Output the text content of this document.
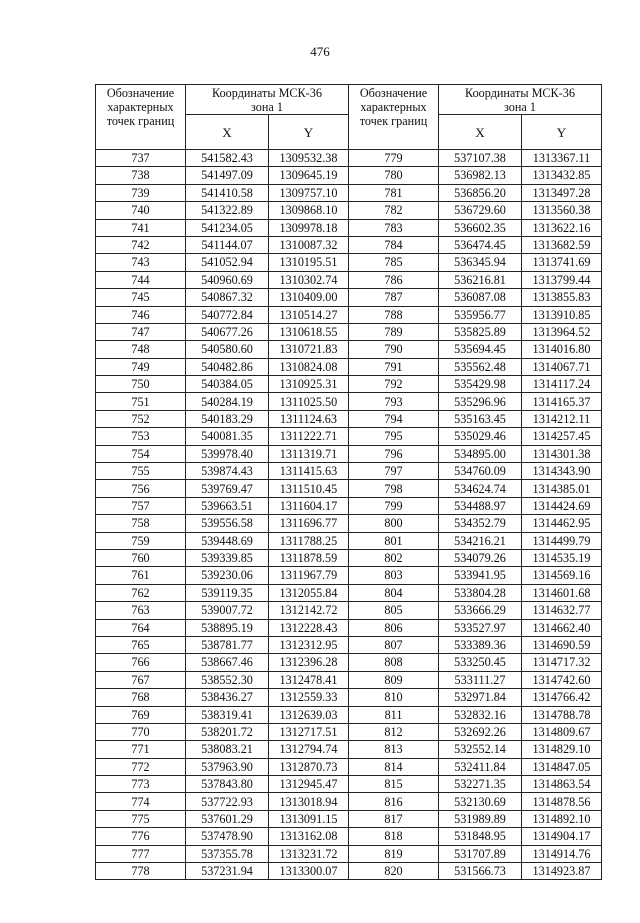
476
Обозначение характерных точек границ	Координаты МСК-36
зона 1	
	X	Y
737	541582.43	1309532.38
738	541497.09	1309645.19
739	541410.58	1309757.10
740	541322.89	1309868.10
741	541234.05	1309978.18
742	541144.07	1310087.32
743	541052.94	1310195.51
744	540960.69	1310302.74
745	540867.32	1310409.00
746	540772.84	1310514.27
747	540677.26	1310618.55
748	540580.60	1310721.83
749	540482.86	1310824.08
750	540384.05	1310925.31
751	540284.19	1311025.50
752	540183.29	1311124.63
753	540081.35	1311222.71
754	539978.40	1311319.71
755	539874.43	1311415.63
756	539769.47	1311510.45
757	539663.51	1311604.17
758	539556.58	1311696.77
759	539448.69	1311788.25
760	539339.85	1311878.59
761	539230.06	1311967.79
762	539119.35	1312055.84
763	539007.72	1312142.72
764	538895.19	1312228.43
765	538781.77	1312312.95
766	538667.46	1312396.28
767	538552.30	1312478.41
768	538436.27	1312559.33
769	538319.41	1312639.03
770	538201.72	1312717.51
771	538083.21	1312794.74
772	537963.90	1312870.73
773	537843.80	1312945.47
774	537722.93	1313018.94
775	537601.29	1313091.15
776	537478.90	1313162.08
777	537355.78	1313231.72
778	537231.94	1313300.07
Обозначение характерных точек границ	Координаты МСК-36
зона 1	
	X	Y
779	537107.38	1313367.11
780	536982.13	1313432.85
781	536856.20	1313497.28
782	536729.60	1313560.38
783	536602.35	1313622.16
784	536474.45	1313682.59
785	536345.94	1313741.69
786	536216.81	1313799.44
787	536087.08	1313855.83
788	535956.77	1313910.85
789	535825.89	1313964.52
790	535694.45	1314016.80
791	535562.48	1314067.71
792	535429.98	1314117.24
793	535296.96	1314165.37
794	535163.45	1314212.11
795	535029.46	1314257.45
796	534895.00	1314301.38
797	534760.09	1314343.90
798	534624.74	1314385.01
799	534488.97	1314424.69
800	534352.79	1314462.95
801	534216.21	1314499.79
802	534079.26	1314535.19
803	533941.95	1314569.16
804	533804.28	1314601.68
805	533666.29	1314632.77
806	533527.97	1314662.40
807	533389.36	1314690.59
808	533250.45	1314717.32
809	533111.27	1314742.60
810	532971.84	1314766.42
811	532832.16	1314788.78
812	532692.26	1314809.67
813	532552.14	1314829.10
814	532411.84	1314847.05
815	532271.35	1314863.54
816	532130.69	1314878.56
817	531989.89	1314892.10
818	531848.95	1314904.17
819	531707.89	1314914.76
820	531566.73	1314923.87
